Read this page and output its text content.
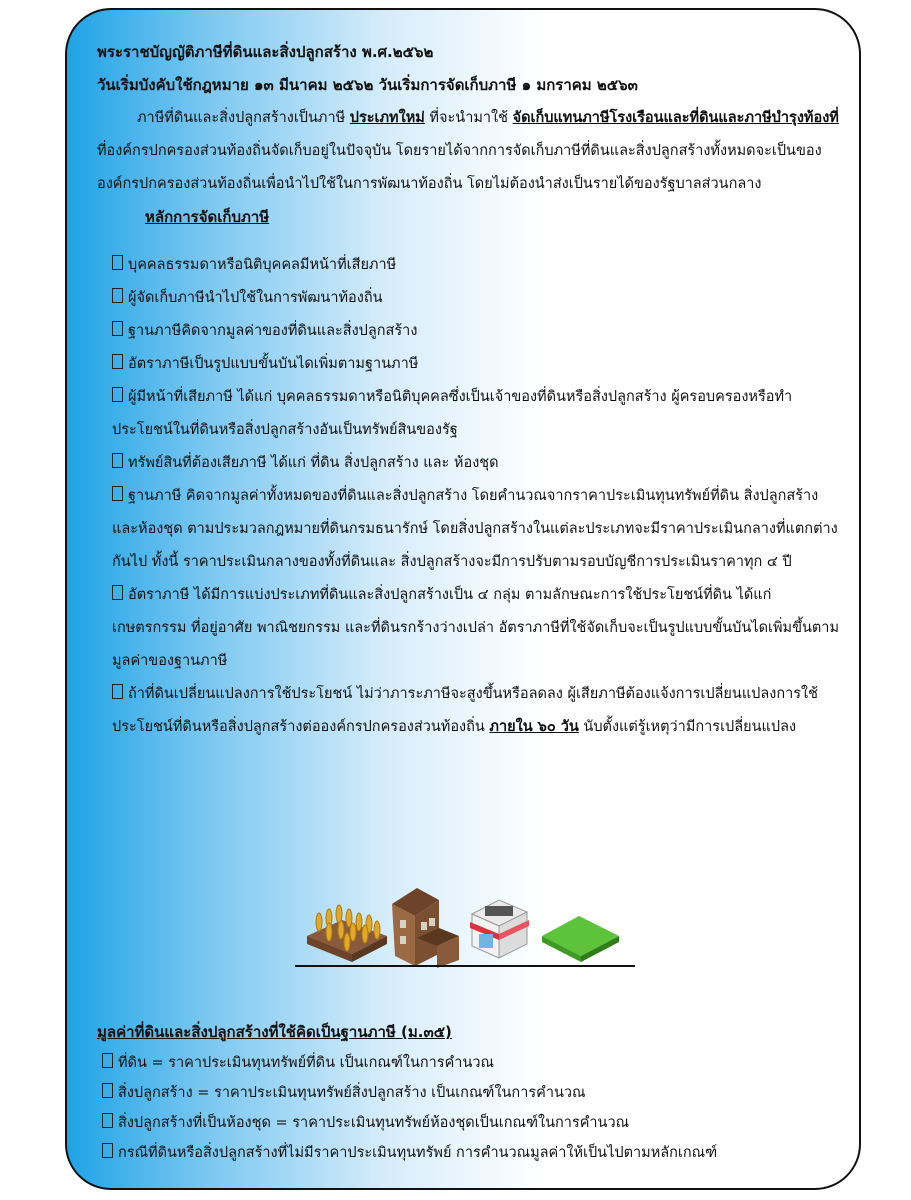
พระราชบัญญัติภาษีที่ดินและสิ่งปลูกสร้าง พ.ศ.๒๕๖๒

วันเริ่มบังคับใช้กฎหมาย ๑๓ มีนาคม ๒๕๖๒ วันเริ่มการจัดเก็บภาษี ๑ มกราคม ๒๕๖๓

ภาษีที่ดินและสิ่งปลูกสร้างเป็นภาษี ประเภทใหม่ ที่จะนำมาใช้ จัดเก็บแทนภาษีโรงเรือนและที่ดินและภาษีบำรุงท้องที่ ที่องค์กรปกครองส่วนท้องถิ่นจัดเก็บอยู่ในปัจจุบัน โดยรายได้จากการจัดเก็บภาษีที่ดินและสิ่งปลูกสร้างทั้งหมดจะเป็นขององค์กรปกครองส่วนท้องถิ่นเพื่อนำไปใช้ในการพัฒนาท้องถิ่น โดยไม่ต้องนำส่งเป็นรายได้ของรัฐบาลส่วนกลาง

หลักการจัดเก็บภาษี

บุคคลธรรมดาหรือนิติบุคคลมีหน้าที่เสียภาษี

ผู้จัดเก็บภาษีนำไปใช้ในการพัฒนาท้องถิ่น

ฐานภาษีคิดจากมูลค่าของที่ดินและสิ่งปลูกสร้าง

อัตราภาษีเป็นรูปแบบขั้นบันไดเพิ่มตามฐานภาษี

ผู้มีหน้าที่เสียภาษี ได้แก่ บุคคลธรรมดาหรือนิติบุคคลซึ่งเป็นเจ้าของที่ดินหรือสิ่งปลูกสร้าง ผู้ครอบครองหรือทำประโยชน์ในที่ดินหรือสิ่งปลูกสร้างอันเป็นทรัพย์สินของรัฐ

ทรัพย์สินที่ต้องเสียภาษี ได้แก่ ที่ดิน สิ่งปลูกสร้าง และ ห้องชุด

ฐานภาษี คิดจากมูลค่าทั้งหมดของที่ดินและสิ่งปลูกสร้าง โดยคำนวณจากราคาประเมินทุนทรัพย์ที่ดิน สิ่งปลูกสร้าง และห้องชุด ตามประมวลกฎหมายที่ดินกรมธนารักษ์ โดยสิ่งปลูกสร้างในแต่ละประเภทจะมีราคาประเมินกลางที่แตกต่างกันไป ทั้งนี้ ราคาประเมินกลางของทั้งที่ดินและ สิ่งปลูกสร้างจะมีการปรับตามรอบบัญชีการประเมินราคาทุก ๔ ปี

อัตราภาษี ได้มีการแบ่งประเภทที่ดินและสิ่งปลูกสร้างเป็น ๔ กลุ่ม ตามลักษณะการใช้ประโยชน์ที่ดิน ได้แก่ เกษตรกรรม ที่อยู่อาศัย พาณิชยกรรม และที่ดินรกร้างว่างเปล่า อัตราภาษีที่ใช้จัดเก็บจะเป็นรูปแบบขั้นบันไดเพิ่มขึ้นตามมูลค่าของฐานภาษี

ถ้าที่ดินเปลี่ยนแปลงการใช้ประโยชน์ ไม่ว่าภาระภาษีจะสูงขึ้นหรือลดลง ผู้เสียภาษีต้องแจ้งการเปลี่ยนแปลงการใช้ประโยชน์ที่ดินหรือสิ่งปลูกสร้างต่อองค์กรปกครองส่วนท้องถิ่น ภายใน ๖๐ วัน นับตั้งแต่รู้เหตุว่ามีการเปลี่ยนแปลง

มูลค่าที่ดินและสิ่งปลูกสร้างที่ใช้คิดเป็นฐานภาษี (ม.๓๕)

ที่ดิน = ราคาประเมินทุนทรัพย์ที่ดิน เป็นเกณฑ์ในการคำนวณ

สิ่งปลูกสร้าง = ราคาประเมินทุนทรัพย์สิ่งปลูกสร้าง เป็นเกณฑ์ในการคำนวณ

สิ่งปลูกสร้างที่เป็นห้องชุด = ราคาประเมินทุนทรัพย์ห้องชุดเป็นเกณฑ์ในการคำนวณ

กรณีที่ดินหรือสิ่งปลูกสร้างที่ไม่มีราคาประเมินทุนทรัพย์ การคำนวณมูลค่าให้เป็นไปตามหลักเกณฑ์
